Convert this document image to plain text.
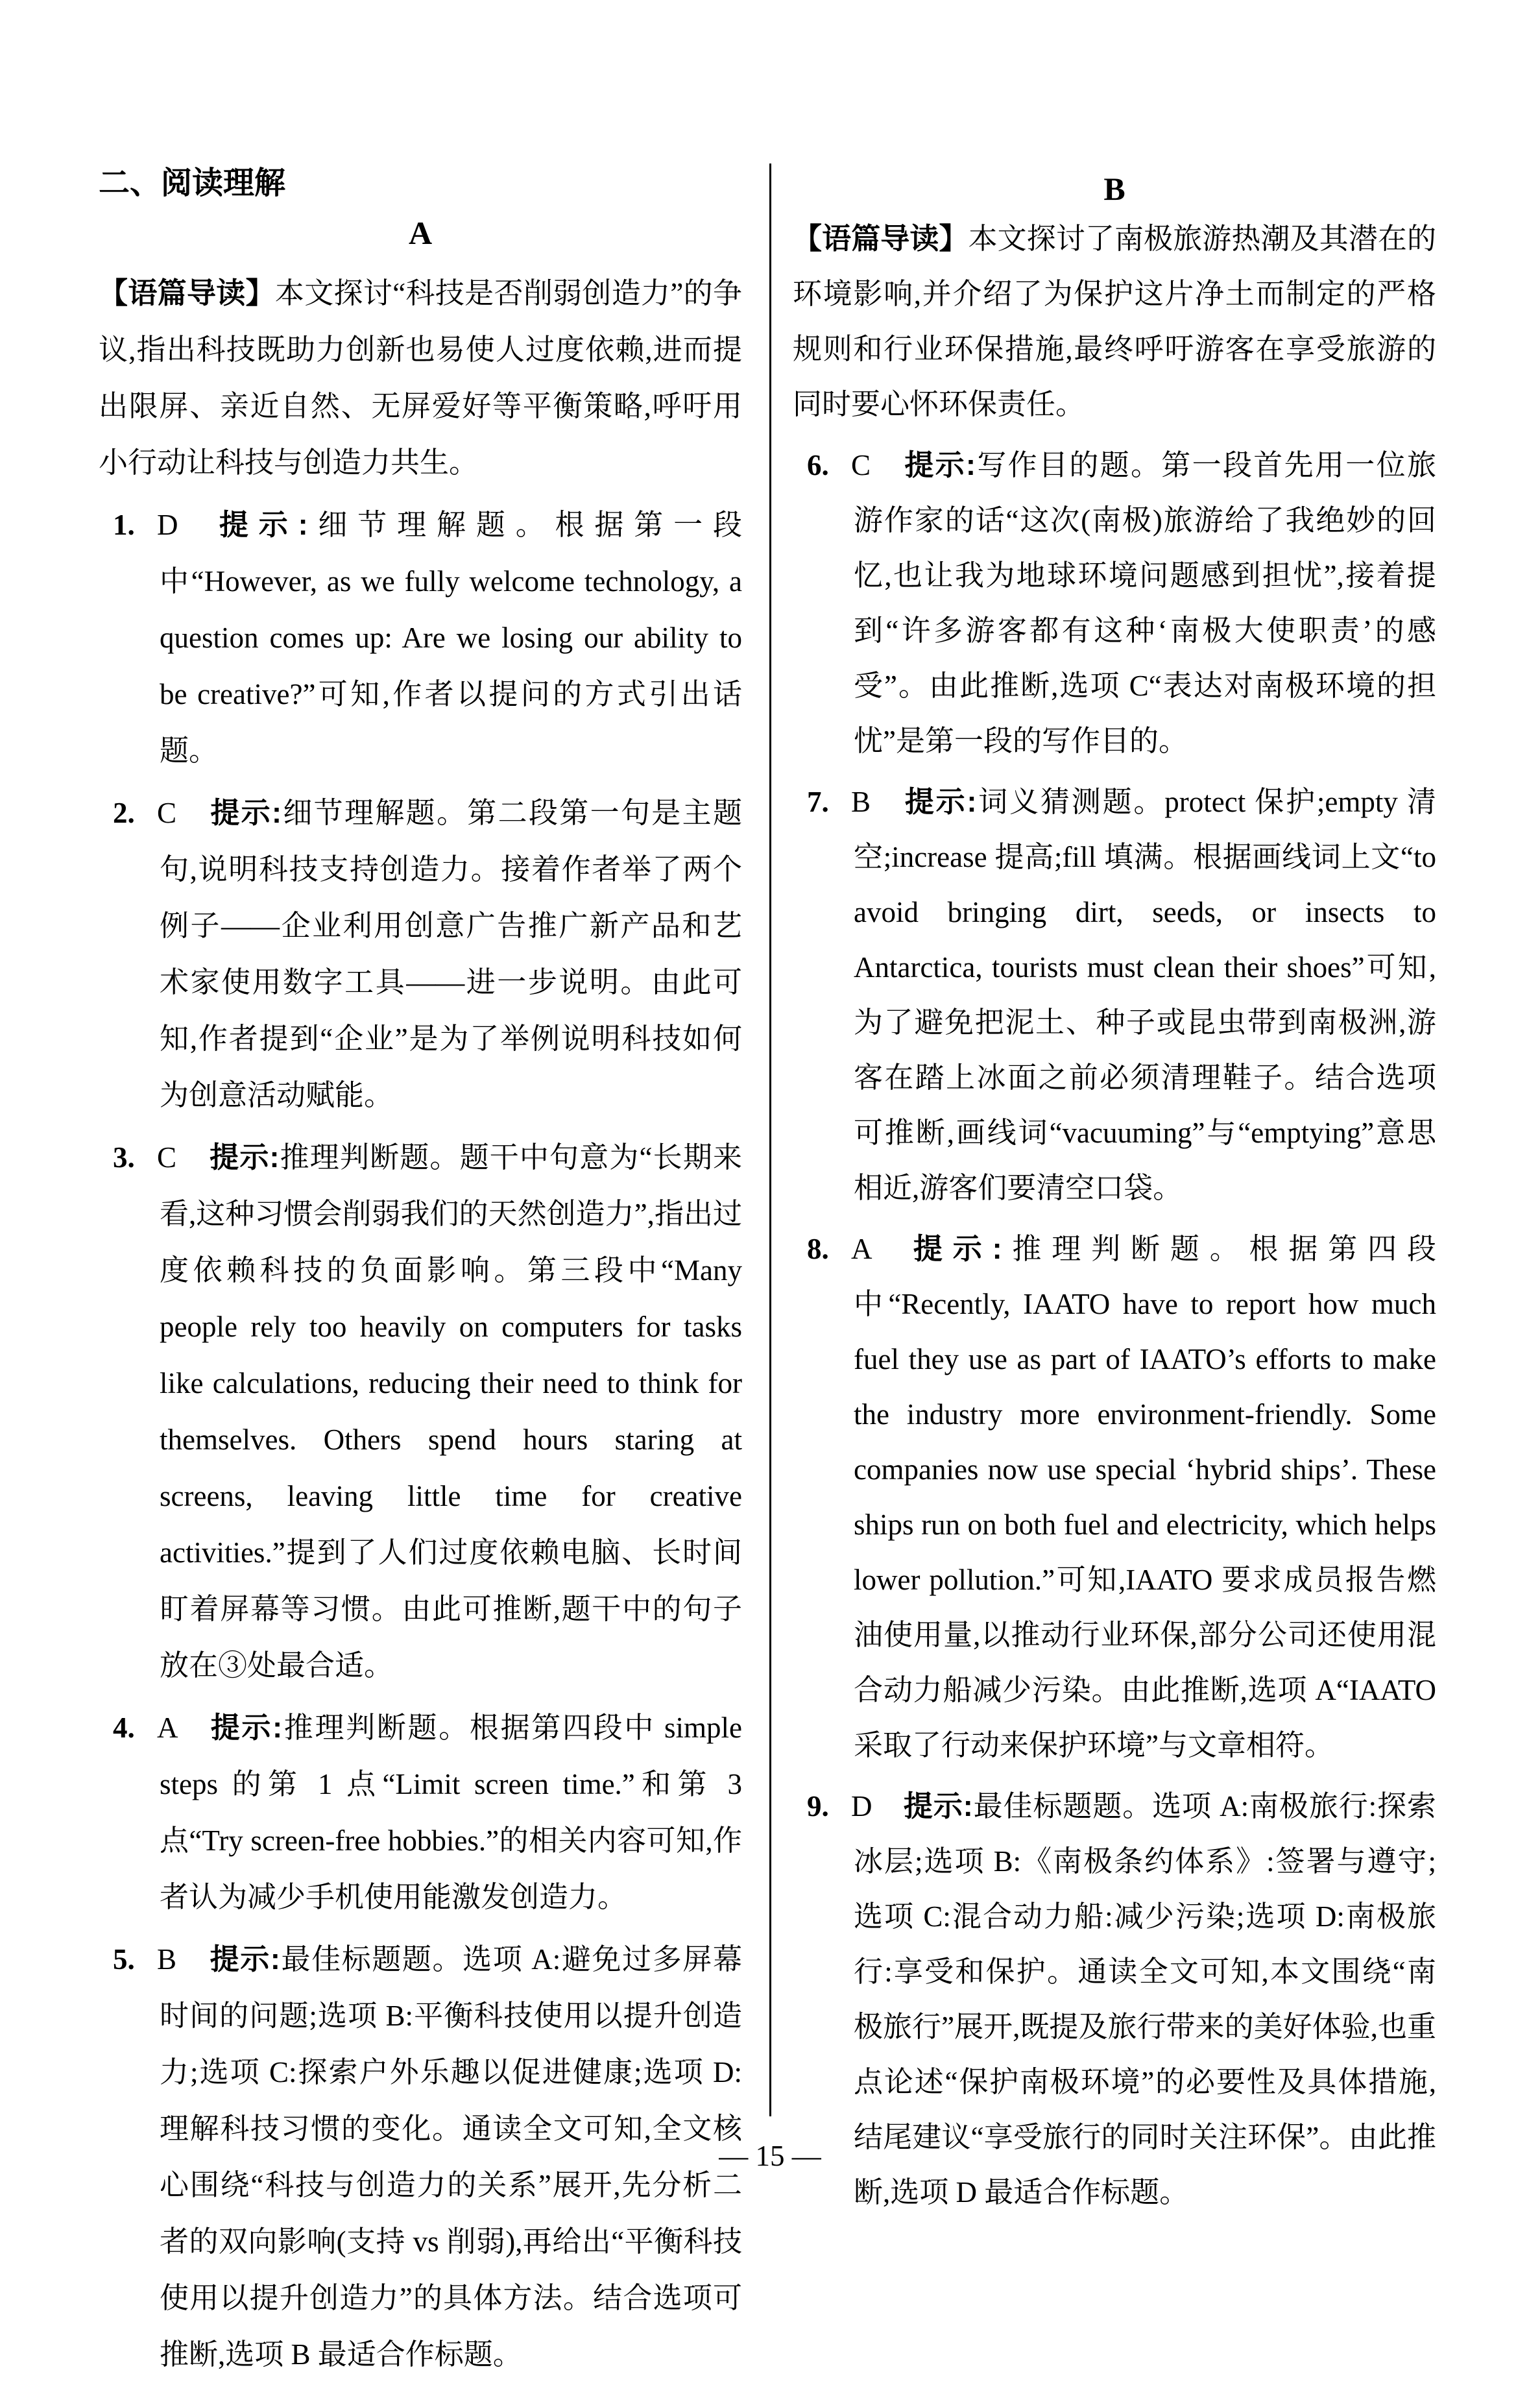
二、阅读理解
A

【语篇导读】本文探讨“科技是否削弱创造力”的争议,指出科技既助力创新也易使人过度依赖,进而提出限屏、亲近自然、无屏爱好等平衡策略,呼吁用小行动让科技与创造力共生。

1. D 提示:细节理解题。根据第一段中“However, as we fully welcome technology, a question comes up: Are we losing our ability to be creative?”可知,作者以提问的方式引出话题。
2. C 提示:细节理解题。第二段第一句是主题句,说明科技支持创造力。接着作者举了两个例子——企业利用创意广告推广新产品和艺术家使用数字工具——进一步说明。由此可知,作者提到“企业”是为了举例说明科技如何为创意活动赋能。
3. C 提示:推理判断题。题干中句意为“长期来看,这种习惯会削弱我们的天然创造力”,指出过度依赖科技的负面影响。第三段中“Many people rely too heavily on computers for tasks like calculations, reducing their need to think for themselves. Others spend hours staring at screens, leaving little time for creative activities.”提到了人们过度依赖电脑、长时间盯着屏幕等习惯。由此可推断,题干中的句子放在③处最合适。
4. A 提示:推理判断题。根据第四段中 simple steps 的第 1 点“Limit screen time.”和第 3 点“Try screen-free hobbies.”的相关内容可知,作者认为减少手机使用能激发创造力。
5. B 提示:最佳标题题。选项 A:避免过多屏幕时间的问题;选项 B:平衡科技使用以提升创造力;选项 C:探索户外乐趣以促进健康;选项 D:理解科技习惯的变化。通读全文可知,全文核心围绕“科技与创造力的关系”展开,先分析二者的双向影响(支持 vs 削弱),再给出“平衡科技使用以提升创造力”的具体方法。结合选项可推断,选项 B 最适合作标题。
B

【语篇导读】本文探讨了南极旅游热潮及其潜在的环境影响,并介绍了为保护这片净土而制定的严格规则和行业环保措施,最终呼吁游客在享受旅游的同时要心怀环保责任。

6. C 提示:写作目的题。第一段首先用一位旅游作家的话“这次(南极)旅游给了我绝妙的回忆,也让我为地球环境问题感到担忧”,接着提到“许多游客都有这种‘南极大使职责’的感受”。由此推断,选项 C“表达对南极环境的担忧”是第一段的写作目的。
7. B 提示:词义猜测题。protect 保护;empty 清空;increase 提高;fill 填满。根据画线词上文“to avoid bringing dirt, seeds, or insects to Antarctica, tourists must clean their shoes”可知,为了避免把泥土、种子或昆虫带到南极洲,游客在踏上冰面之前必须清理鞋子。结合选项可推断,画线词“vacuuming”与“emptying”意思相近,游客们要清空口袋。
8. A 提示:推理判断题。根据第四段中“Recently, IAATO have to report how much fuel they use as part of IAATO’s efforts to make the industry more environment-friendly. Some companies now use special ‘hybrid ships’. These ships run on both fuel and electricity, which helps lower pollution.”可知,IAATO 要求成员报告燃油使用量,以推动行业环保,部分公司还使用混合动力船减少污染。由此推断,选项 A“IAATO 采取了行动来保护环境”与文章相符。
9. D 提示:最佳标题题。选项 A:南极旅行:探索冰层;选项 B:《南极条约体系》:签署与遵守;选项 C:混合动力船:减少污染;选项 D:南极旅行:享受和保护。通读全文可知,本文围绕“南极旅行”展开,既提及旅行带来的美好体验,也重点论述“保护南极环境”的必要性及具体措施,结尾建议“享受旅行的同时关注环保”。由此推断,选项 D 最适合作标题。
— 15 —
